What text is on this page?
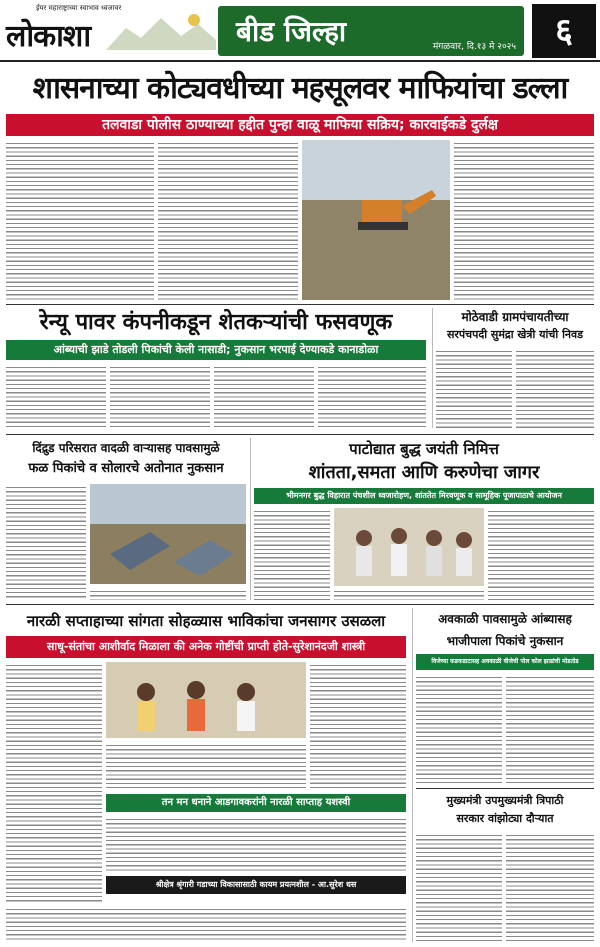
ईयर महाराष्ट्राच्या स्वाभाव ध्वजावर
लोकाशा	बीड जिल्हा	मंगळवार, दि.१३ मे २०२५	६
शासनाच्या कोट्यवधीच्या महसूलवर माफियांचा डल्ला
तलवाडा पोलीस ठाण्याच्या हद्दीत पुन्हा वाळू माफिया सक्रिय; कारवाईकडे दुर्लक्ष
रेन्यू पावर कंपनीकडून शेतकऱ्यांची फसवणूक
आंब्याची झाडे तोडली पिकांची केली नासाडी; नुकसान भरपाई देण्याकडे कानाडोळा
मोठेवाडी ग्रामपंचायतीच्या
सरपंचपदी सुमंद्रा खेत्री यांची निवड
दिंद्रुड परिसरात वादळी वाऱ्यासह पावसामुळे
फळ पिकांचे व सोलारचे अतोनात नुकसान
पाटोद्यात बुद्ध जयंती निमित्त
शांतता,समता आणि करुणेचा जागर
भीमनगर बुद्ध विहारात पंचशील ध्वजारोहण, शांततेत मिरवणूक व सामूहिक पूजापाठाचे आयोजन
नारळी सप्ताहाच्या सांगता सोहळ्यास भाविकांचा जनसागर उसळला
साधू-संतांचा आशीर्वाद मिळाला की अनेक गोष्टींची प्राप्ती होते-सुरेशानंदजी शास्त्री
तन मन धनाने आडगावकरांनी नारळी साप्ताह यशस्वी
श्रीक्षेत्र श्रृंगारी गडाच्या विकासासाठी कायम प्रयत्नशील - आ.सुरेश धस
अवकाळी पावसामुळे आंब्यासह
भाजीपाला पिकांचे नुकसान
विजेच्या कडकडाटासह अवकाळी वीजेची पोल कोल झाडांची मोडतोड
मुख्यमंत्री उपमुख्यमंत्री त्रिपाठी
सरकार वांझोट्या दौर्‍यात
